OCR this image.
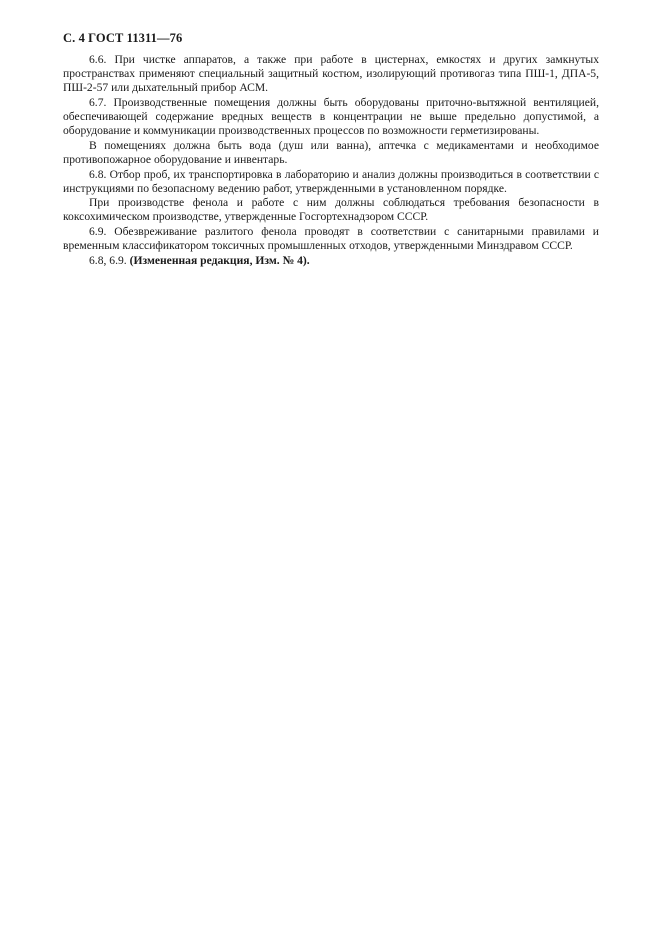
С. 4 ГОСТ 11311—76

6.6. При чистке аппаратов, а также при работе в цистернах, емкостях и других замкнутых пространствах применяют специальный защитный костюм, изолирующий противогаз типа ПШ-1, ДПА-5, ПШ-2-57 или дыхательный прибор АСМ.

6.7. Производственные помещения должны быть оборудованы приточно-вытяжной вентиляцией, обеспечивающей содержание вредных веществ в концентрации не выше предельно допустимой, а оборудование и коммуникации производственных процессов по возможности герметизированы.

В помещениях должна быть вода (душ или ванна), аптечка с медикаментами и необходимое противопожарное оборудование и инвентарь.

6.8. Отбор проб, их транспортировка в лабораторию и анализ должны производиться в соответствии с инструкциями по безопасному ведению работ, утвержденными в установленном порядке.

При производстве фенола и работе с ним должны соблюдаться требования безопасности в коксохимическом производстве, утвержденные Госгортехнадзором СССР.

6.9. Обезвреживание разлитого фенола проводят в соответствии с санитарными правилами и временным классификатором токсичных промышленных отходов, утвержденными Минздравом СССР.

6.8, 6.9. (Измененная редакция, Изм. № 4).
